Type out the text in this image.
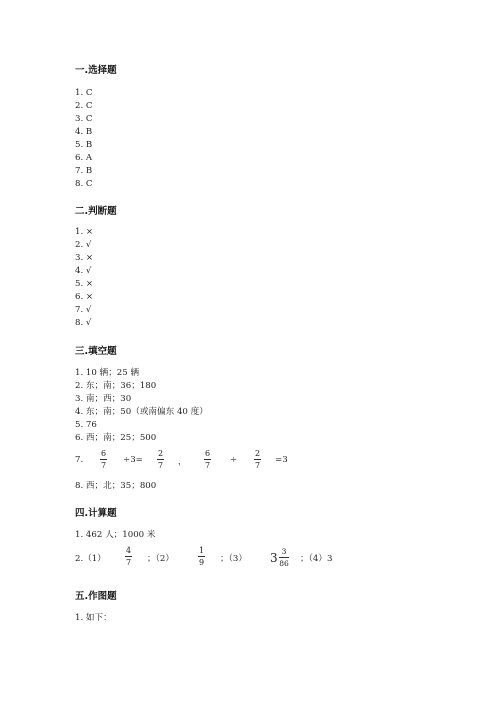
一.选择题
1. C
2. C
3. C
4. B
5. B
6. A
7. B
8. C
二.判断题
1. ×
2. √
3. ×
4. √
5. ×
6. ×
7. √
8. √
三.填空题
1. 10 辆；25 辆
2. 东；南；36；180
3. 南；西；30
4. 东；南；50（或南偏东 40 度）
5. 76
6. 西；南；25；500
7.
6
7
÷3=
2
7 ，
6
7
÷
2
7
=3
8. 西；北；35；800
四.计算题
1. 462 人；1000 米
2.（1）
4
7 ；（2）
1
9 ；（3） 3 3
86 ；（4）3
五.作图题
1. 如下：
